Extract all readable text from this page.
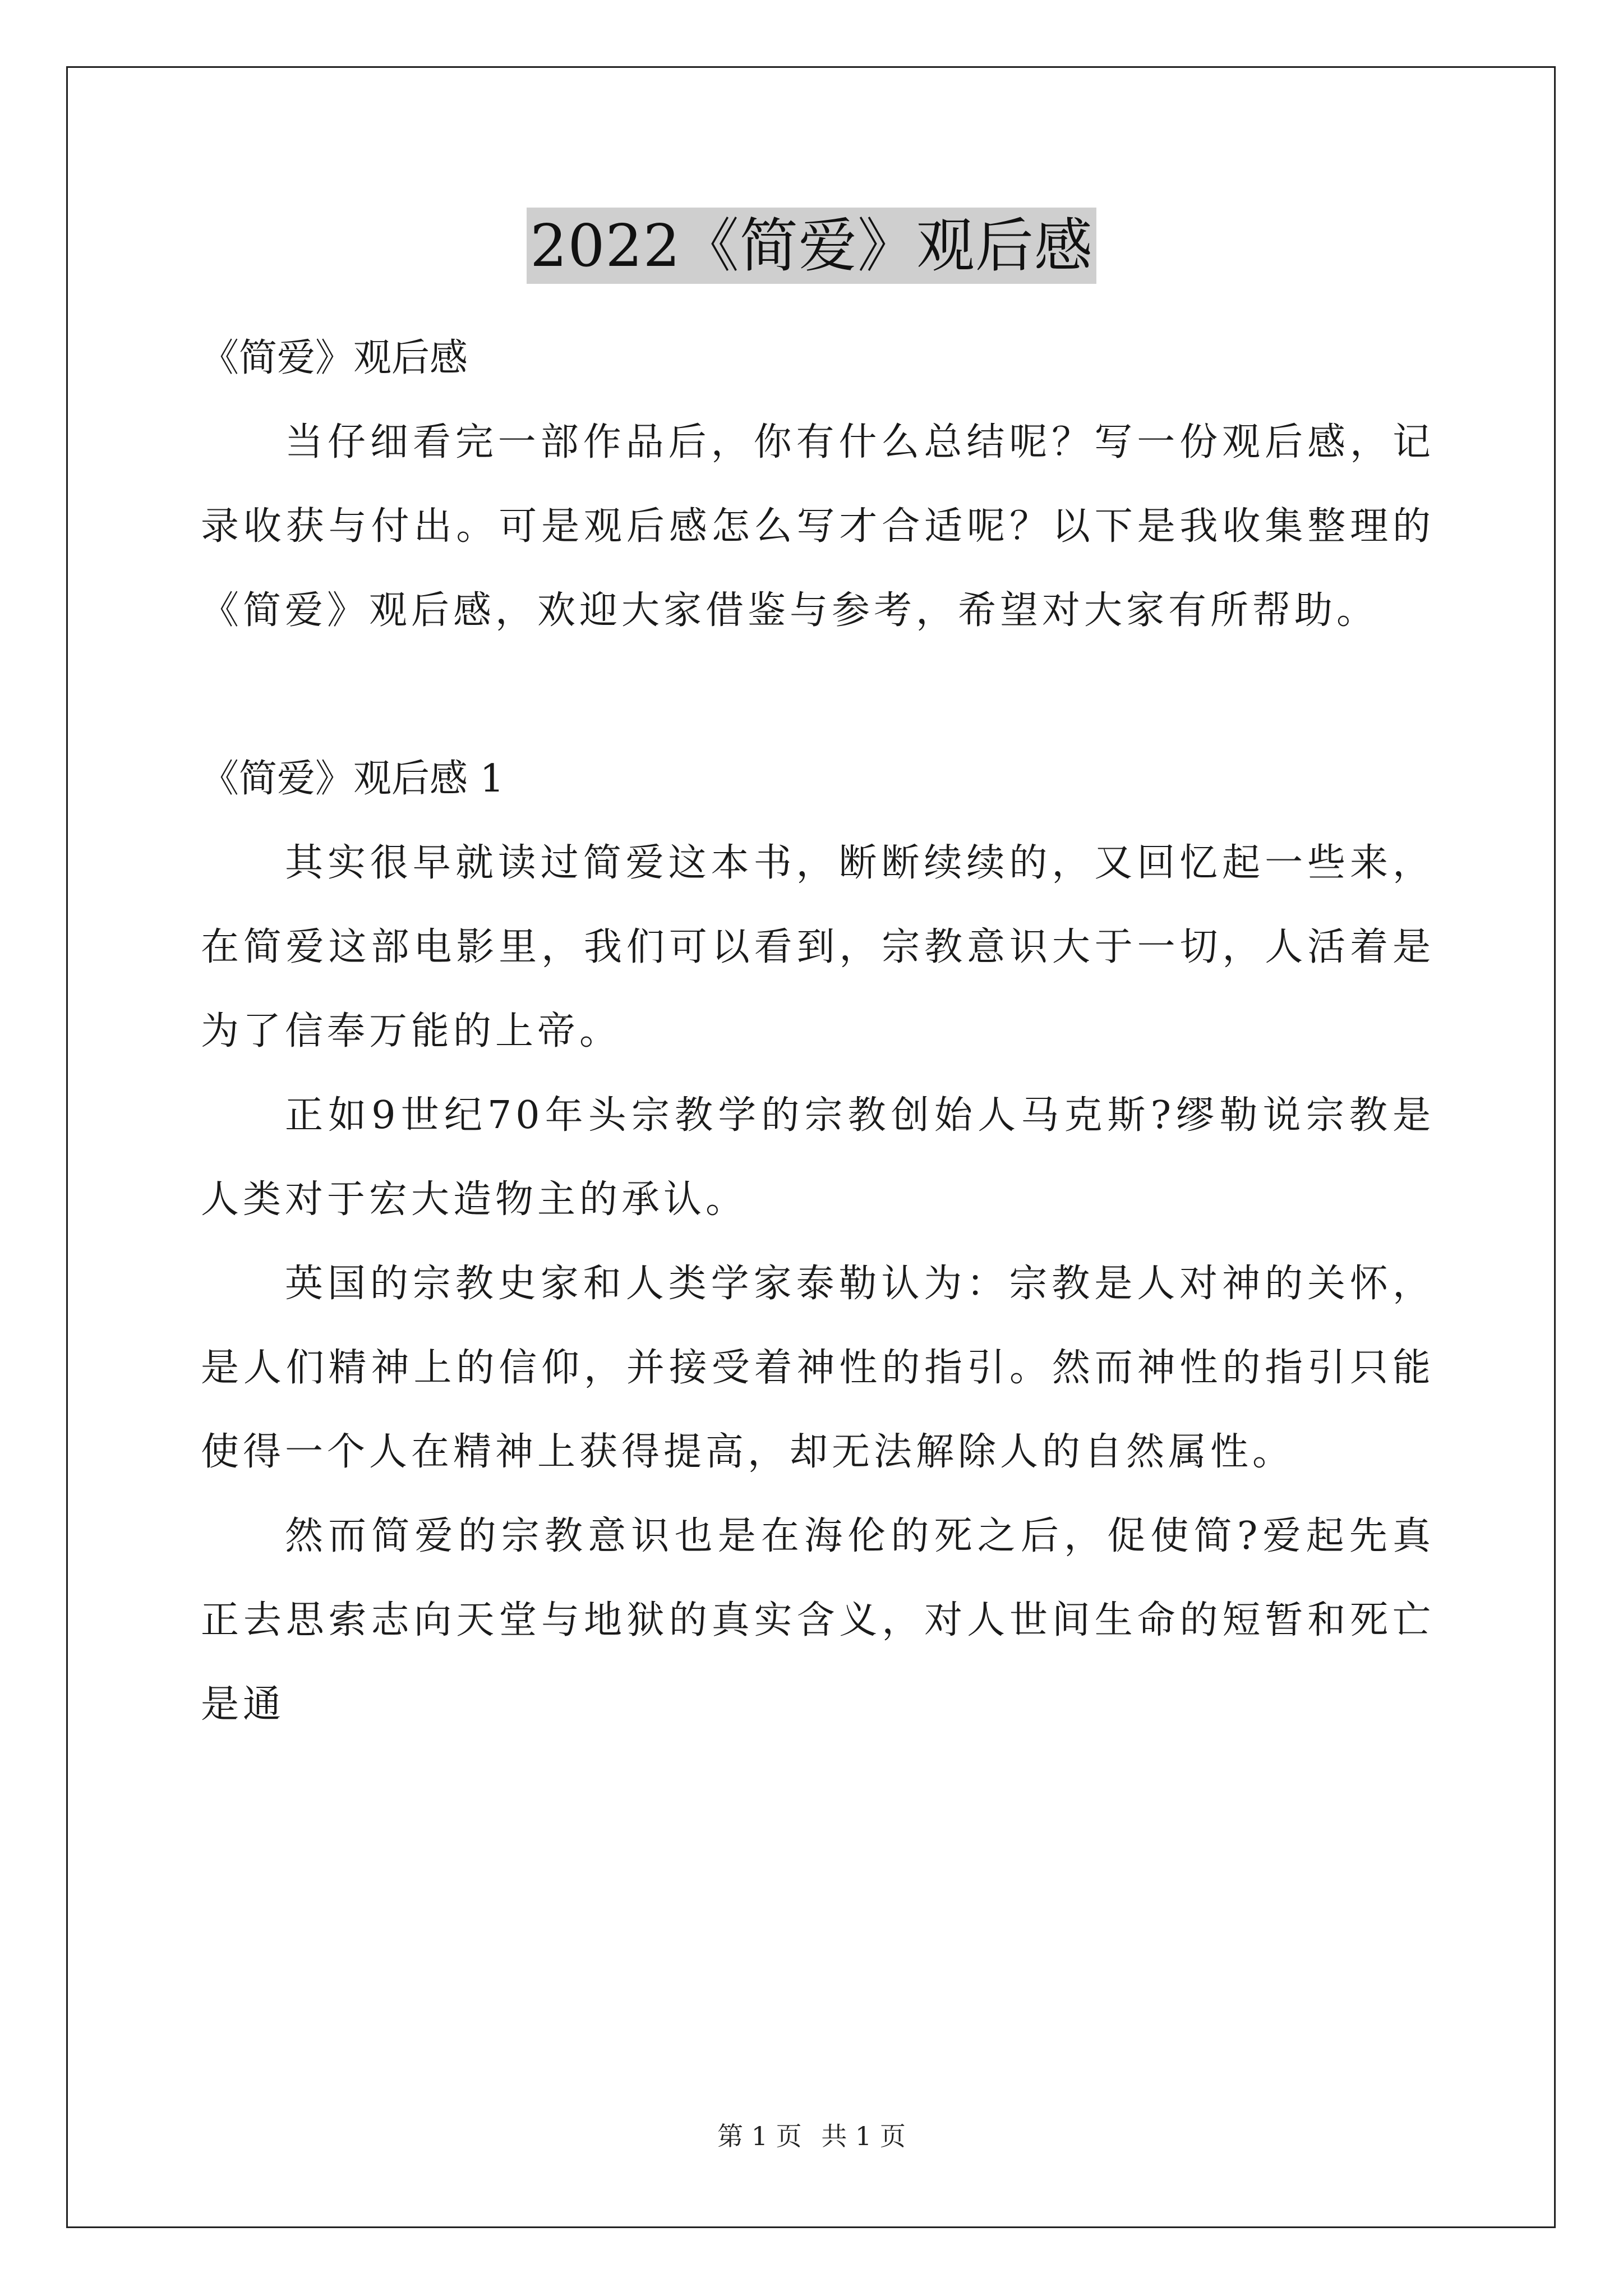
2022《简爱》观后感

《简爱》观后感

当仔细看完一部作品后，你有什么总结呢？写一份观后感，记录收获与付出。可是观后感怎么写才合适呢？以下是我收集整理的《简爱》观后感，欢迎大家借鉴与参考，希望对大家有所帮助。

《简爱》观后感 1

其实很早就读过简爱这本书，断断续续的，又回忆起一些来，在简爱这部电影里，我们可以看到，宗教意识大于一切，人活着是为了信奉万能的上帝。

正如9世纪70年头宗教学的宗教创始人马克斯?缪勒说宗教是人类对于宏大造物主的承认。

英国的宗教史家和人类学家泰勒认为：宗教是人对神的关怀，是人们精神上的信仰，并接受着神性的指引。然而神性的指引只能使得一个人在精神上获得提高，却无法解除人的自然属性。

然而简爱的宗教意识也是在海伦的死之后，促使简?爱起先真正去思索志向天堂与地狱的真实含义，对人世间生命的短暂和死亡是通

第 1 页 共 1 页
